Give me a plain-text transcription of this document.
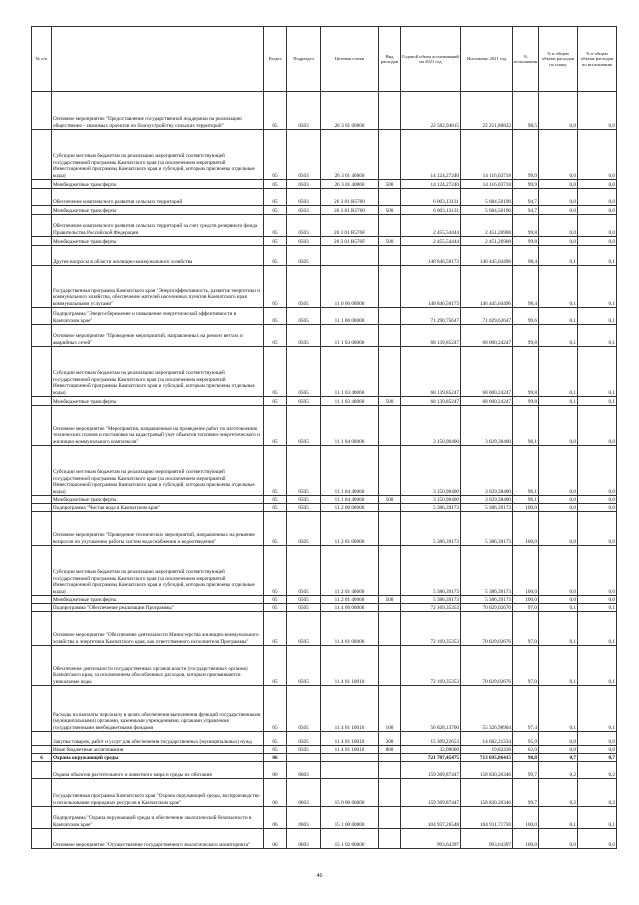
№ п/п		Раздел	Подраздел	Целевая статья	Вид расходов	Годовой объем ассигнований на 2021 год	Исполнено 2021 год	% исполнения	% в общем объеме расходов по плану	% в общем объеме расходов по исполнению
	Основное мероприятие "Предоставление государственной поддержки на реализацию общественно - значимых проектов по благоустройству сельских территорий"	05	0503	26 3 01 00000		22 582,94815	22 251,80822	98,5	0,0	0,0
	Субсидии местным бюджетам на реализацию мероприятий соответствующей государственной программы Камчатского края (за исключением мероприятий Инвестиционной программы Камчатского края и субсидий, которым присвоены отдельные коды)	05	0503	26 3 01 40060		14 124,27240	14 116,03718	99,9	0,0	0,0
	Межбюджетные трансферты	05	0503	26 3 01 40060	500	14 124,27240	14 116,03718	99,9	0,0	0,0
	Обеспечение комплексного развития сельских территорий	05	0503	26 3 01 R5760		6 003,13131	5 684,50196	94,7	0,0	0,0
	Межбюджетные трансферты	05	0503	26 3 01 R5760	500	6 003,13131	5 684,50196	94,7	0,0	0,0
	Обеспечение комплексного развития сельских территорий за счет средств резервного фонда Правительства Российской Федерации	05	0503	26 3 01 R576F		2 455,54444	2 451,26908	99,8	0,0	0,0
	Межбюджетные трансферты	05	0503	26 3 01 R576F	500	2 455,54444	2 451,26908	99,8	0,0	0,0
	Другие вопросы в области жилищно-коммунального хозяйства	05	0505			148 846,50173	146 445,04496	98,4	0,1	0,1
	Государственная программа Камчатского края "Энергоэффективность, развитие энергетики и коммунального хозяйства, обеспечение жителей населенных пунктов Камчатского края коммунальными услугами"	05	0505	11 0 00 00000		148 846,50173	146 445,04496	98,4	0,1	0,1
	Подпрограмма "Энергосбережение и повышение энергетической эффективности в Камчатском крае"	05	0505	11 1 00 00000		71 290,75647	71 029,62647	99,6	0,1	0,1
	Основное мероприятие "Проведение мероприятий, направленных на ремонт ветхих и аварийных сетей"	05	0505	11 1 03 00000		68 139,85247	68 000,24247	99,8	0,1	0,1
	Субсидии местным бюджетам на реализацию мероприятий соответствующей государственной программы Камчатского края (за исключением мероприятий Инвестиционной программы Камчатского края и субсидий, которым присвоены отдельные коды)	05	0505	11 1 03 40060		68 139,85247	68 000,24247	99,8	0,1	0,1
	Межбюджетные трансферты	05	0505	11 1 03 40060	500	68 139,85247	68 000,24247	99,8	0,1	0,1
	Основное мероприятие "Мероприятия, направленные на проведение работ по изготовлению технических планов и постановке на кадастровый учет объектов топливно-энергетического и жилищно-коммунального комплексов"	05	0505	11 1 04 00000		3 150,90400	3 029,38400	96,1	0,0	0,0
	Субсидии местным бюджетам на реализацию мероприятий соответствующей государственной программы Камчатского края (за исключением мероприятий Инвестиционной программы Камчатского края и субсидий, которым присвоены отдельные коды)	05	0505	11 1 04 40060		3 150,90400	3 029,38400	96,1	0,0	0,0
	Межбюджетные трансферты	05	0505	11 1 04 40060	500	3 150,90400	3 029,38400	96,1	0,0	0,0
	Подпрограмма "Чистая вода в Камчатском крае"	05	0505	11 2 00 00000		5 386,39173	5 386,39173	100,0	0,0	0,0
	Основное мероприятие "Проведение технических мероприятий, направленных на решение вопросов по улучшению работы систем водоснабжения и водоотведения"	05	0505	11 2 01 00000		5 386,39173	5 386,39173	100,0	0,0	0,0
	Субсидии местным бюджетам на реализацию мероприятий соответствующей государственной программы Камчатского края (за исключением мероприятий Инвестиционной программы Камчатского края и субсидий, которым присвоены отдельные коды)	05	0505	11 2 01 40060		5 386,39173	5 386,39173	100,0	0,0	0,0
	Межбюджетные трансферты	05	0505	11 2 01 40060	500	5 386,39173	5 386,39173	100,0	0,0	0,0
	Подпрограмма "Обеспечение реализации Программы"	05	0505	11 4 00 00000		72 169,35353	70 029,02676	97,0	0,1	0,1
	Основное мероприятие "Обеспечение деятельности Министерства жилищно-коммунального хозяйства и энергетики Камчатского края, как ответственного исполнителя Программы"	05	0505	11 4 01 00000		72 169,35353	70 029,02676	97,0	0,1	0,1
	Обеспечение деятельности государственных органов власти (государственных органов) Камчатского края, за исключением обособленных расходов, которым присваиваются уникальные коды	05	0505	11 4 01 10010		72 169,35353	70 029,02676	97,0	0,1	0,1
	Расходы на выплаты персоналу в целях обеспечения выполнения функций государственными (муниципальными) органами, казенными учреждениями, органами управления государственными внебюджетными фондами	05	0505	11 4 01 10010	100	56 828,13700	55 326,98904	97,4	0,1	0,1
	Закупка товаров, работ и услуг для обеспечения государственных (муниципальных) нужд	05	0505	11 4 01 10010	200	15 309,22653	14 682,21334	95,9	0,0	0,0
	Иные бюджетные ассигнования	05	0505	11 4 01 10010	800	32,00000	19,82438	62,0	0,0	0,0
6	Охрана окружающей среды	06				721 707,45475	713 695,86415	98,8	0,7	0,7
	Охрана объектов растительного и животного мира и среды их обитания	06	0603			159 369,87447	158 830,26346	99,7	0,2	0,2
	Государственная программа Камчатского края "Охрана окружающей среды, воспроизводство и использование природных ресурсов в Камчатском крае"	06	0603	15 0 00 00000		159 369,87447	158 830,26346	99,7	0,2	0,2
	Подпрограмма "Охрана окружающей среды и обеспечение экологической безопасности в Камчатском крае"	06	0603	15 1 00 00000		104 937,26548	104 911,71730	100,0	0,1	0,1
	Основное мероприятие "Осуществление государственного экологического мониторинга"	06	0603	15 1 02 00000		993,64397	993,64397	100,0	0,0	0,0
46
